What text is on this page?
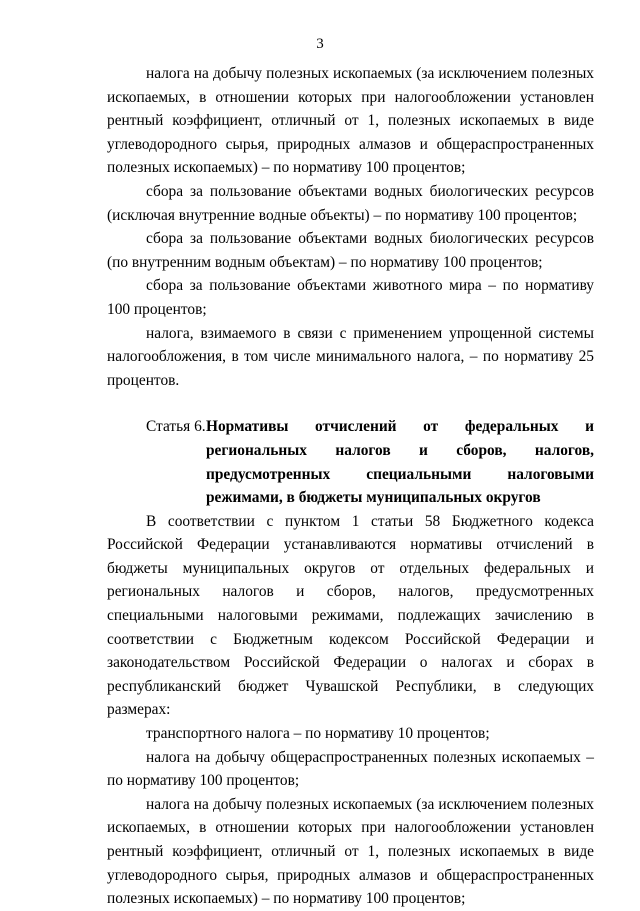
3

налога на добычу полезных ископаемых (за исключением полезных ископаемых, в отношении которых при налогообложении установлен рентный коэффициент, отличный от 1, полезных ископаемых в виде углеводородного сырья, природных алмазов и общераспространенных полезных ископаемых) – по нормативу 100 процентов;

сбора за пользование объектами водных биологических ресурсов (исключая внутренние водные объекты) – по нормативу 100 процентов;

сбора за пользование объектами водных биологических ресурсов (по внутренним водным объектам) – по нормативу 100 процентов;

сбора за пользование объектами животного мира – по нормативу 100 процентов;

налога, взимаемого в связи с применением упрощенной системы налогообложения, в том числе минимального налога, – по нормативу 25 процентов.

Статья 6. Нормативы отчислений от федеральных и региональных налогов и сборов, налогов, предусмотренных специальными налоговыми режимами, в бюджеты муниципальных округов

В соответствии с пунктом 1 статьи 58 Бюджетного кодекса Российской Федерации устанавливаются нормативы отчислений в бюджеты муниципальных округов от отдельных федеральных и региональных налогов и сборов, налогов, предусмотренных специальными налоговыми режимами, подлежащих зачислению в соответствии с Бюджетным кодексом Российской Федерации и законодательством Российской Федерации о налогах и сборах в республиканский бюджет Чувашской Республики, в следующих размерах:

транспортного налога – по нормативу 10 процентов;

налога на добычу общераспространенных полезных ископаемых – по нормативу 100 процентов;

налога на добычу полезных ископаемых (за исключением полезных ископаемых, в отношении которых при налогообложении установлен рентный коэффициент, отличный от 1, полезных ископаемых в виде углеводородного сырья, природных алмазов и общераспространенных полезных ископаемых) – по нормативу 100 процентов;
